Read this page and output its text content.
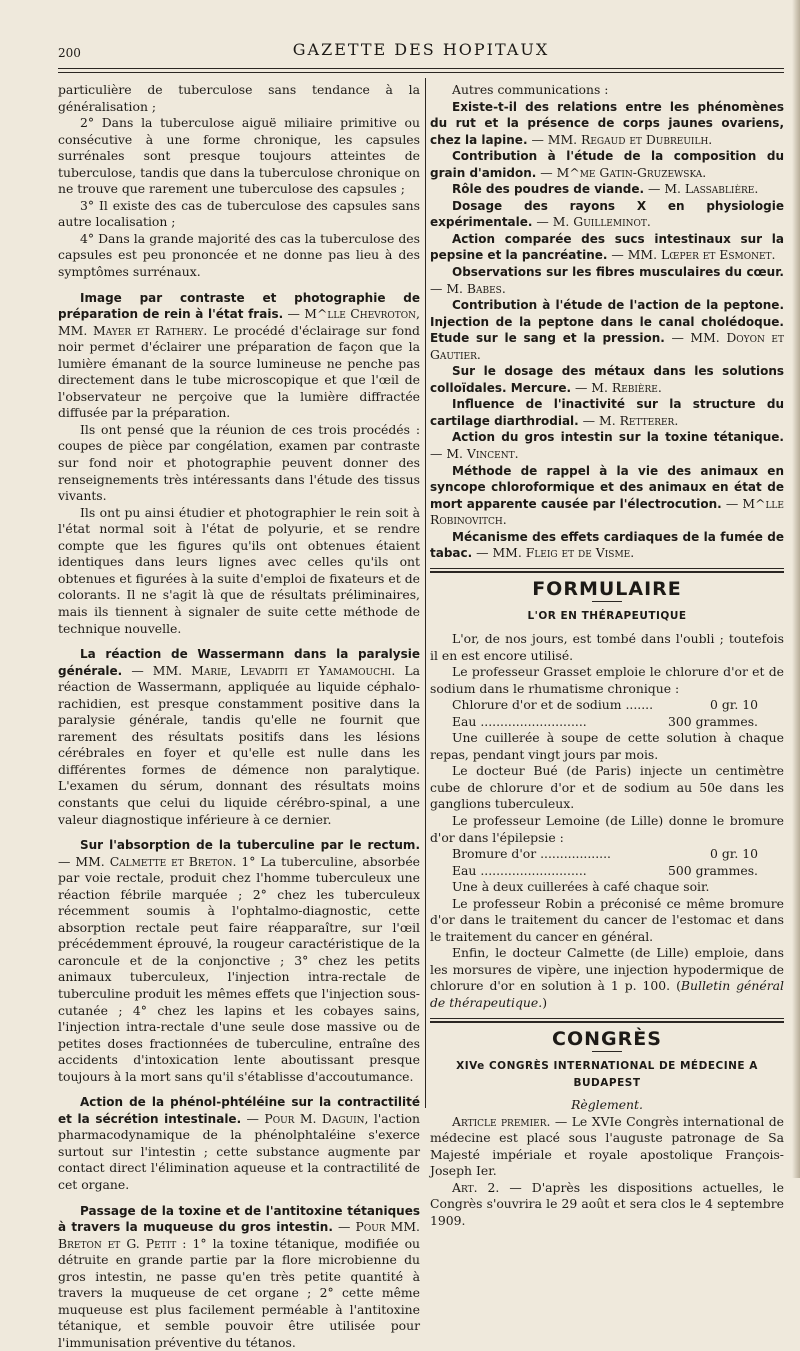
200	GAZETTE DES HOPITAUX

particulière de tuberculose sans tendance à la généralisation ;

2° Dans la tuberculose aiguë miliaire primitive ou consécutive à une forme chronique, les capsules surrénales sont presque toujours atteintes de tuberculose, tandis que dans la tuberculose chronique on ne trouve que rarement une tuberculose des capsules ;

3° Il existe des cas de tuberculose des capsules sans autre localisation ;

4° Dans la grande majorité des cas la tuberculose des capsules est peu prononcée et ne donne pas lieu à des symptômes surrénaux.

Image par contraste et photographie de préparation de rein à l'état frais. — M^lle Chevroton, MM. Mayer et Rathery. Le procédé d'éclairage sur fond noir permet d'éclairer une préparation de façon que la lumière émanant de la source lumineuse ne penche pas directement dans le tube microscopique et que l'œil de l'observateur ne perçoive que la lumière diffractée diffusée par la préparation.

Ils ont pensé que la réunion de ces trois procédés : coupes de pièce par congélation, examen par contraste sur fond noir et photographie peuvent donner des renseignements très intéressants dans l'étude des tissus vivants.

Ils ont pu ainsi étudier et photographier le rein soit à l'état normal soit à l'état de polyurie, et se rendre compte que les figures qu'ils ont obtenues étaient identiques dans leurs lignes avec celles qu'ils ont obtenues et figurées à la suite d'emploi de fixateurs et de colorants. Il ne s'agit là que de résultats préliminaires, mais ils tiennent à signaler de suite cette méthode de technique nouvelle.

La réaction de Wassermann dans la paralysie générale. — MM. Marie, Levaditi et Yamamouchi. La réaction de Wassermann, appliquée au liquide céphalo-rachidien, est presque constamment positive dans la paralysie générale, tandis qu'elle ne fournit que rarement des résultats positifs dans les lésions cérébrales en foyer et qu'elle est nulle dans les différentes formes de démence non paralytique. L'examen du sérum, donnant des résultats moins constants que celui du liquide cérébro-spinal, a une valeur diagnostique inférieure à ce dernier.

Sur l'absorption de la tuberculine par le rectum. — MM. Calmette et Breton. 1° La tuberculine, absorbée par voie rectale, produit chez l'homme tuberculeux une réaction fébrile marquée ; 2° chez les tuberculeux récemment soumis à l'ophtalmo-diagnostic, cette absorption rectale peut faire réapparaître, sur l'œil précédemment éprouvé, la rougeur caractéristique de la caroncule et de la conjonctive ; 3° chez les petits animaux tuberculeux, l'injection intra-rectale de tuberculine produit les mêmes effets que l'injection sous-cutanée ; 4° chez les lapins et les cobayes sains, l'injection intra-rectale d'une seule dose massive ou de petites doses fractionnées de tuberculine, entraîne des accidents d'intoxication lente aboutissant presque toujours à la mort sans qu'il s'établisse d'accoutumance.

Action de la phénol-phtéléine sur la contractilité et la sécrétion intestinale. — Pour M. Daguin, l'action pharmacodynamique de la phénolphtaléine s'exerce surtout sur l'intestin ; cette substance augmente par contact direct l'élimination aqueuse et la contractilité de cet organe.

Passage de la toxine et de l'antitoxine tétaniques à travers la muqueuse du gros intestin. — Pour MM. Breton et G. Petit : 1° la toxine tétanique, modifiée ou détruite en grande partie par la flore microbienne du gros intestin, ne passe qu'en très petite quantité à travers la muqueuse de cet organe ; 2° cette même muqueuse est plus facilement perméable à l'antitoxine tétanique, et semble pouvoir être utilisée pour l'immunisation préventive du tétanos.

Autres communications :

Existe-t-il des relations entre les phénomènes du rut et la présence de corps jaunes ovariens, chez la lapine. — MM. Regaud et Dubreuilh.

Contribution à l'étude de la composition du grain d'amidon. — M^me Gatin-Gruzewska.

Rôle des poudres de viande. — M. Lassablière.

Dosage des rayons X en physiologie expérimentale. — M. Guilleminot.

Action comparée des sucs intestinaux sur la pepsine et la pancréatine. — MM. Lœper et Esmonet.

Observations sur les fibres musculaires du cœur. — M. Babes.

Contribution à l'étude de l'action de la peptone. Injection de la peptone dans le canal cholédoque. Etude sur le sang et la pression. — MM. Doyon et Gautier.

Sur le dosage des métaux dans les solutions colloïdales. Mercure. — M. Rebière.

Influence de l'inactivité sur la structure du cartilage diarthrodial. — M. Retterer.

Action du gros intestin sur la toxine tétanique. — M. Vincent.

Méthode de rappel à la vie des animaux en syncope chloroformique et des animaux en état de mort apparente causée par l'électrocution. — M^lle Robinovitch.

Mécanisme des effets cardiaques de la fumée de tabac. — MM. Fleig et de Visme.

FORMULAIRE
L'OR EN THÉRAPEUTIQUE

L'or, de nos jours, est tombé dans l'oubli ; toutefois il en est encore utilisé.

Le professeur Grasset emploie le chlorure d'or et de sodium dans le rhumatisme chronique :

Chlorure d'or et de sodium .......	0 gr. 10
Eau ...........................	300 grammes.

Une cuillerée à soupe de cette solution à chaque repas, pendant vingt jours par mois.

Le docteur Bué (de Paris) injecte un centimètre cube de chlorure d'or et de sodium au 50e dans les ganglions tuberculeux.

Le professeur Lemoine (de Lille) donne le bromure d'or dans l'épilepsie :

Bromure d'or ..................	0 gr. 10
Eau ...........................	500 grammes.

Une à deux cuillerées à café chaque soir.

Le professeur Robin a préconisé ce même bromure d'or dans le traitement du cancer de l'estomac et dans le traitement du cancer en général.

Enfin, le docteur Calmette (de Lille) emploie, dans les morsures de vipère, une injection hypodermique de chlorure d'or en solution à 1 p. 100. (Bulletin général de thérapeutique.)

CONGRÈS
XIVe CONGRÈS INTERNATIONAL DE MÉDECINE A BUDAPEST

Règlement.

Article premier. — Le XVIe Congrès international de médecine est placé sous l'auguste patronage de Sa Majesté impériale et royale apostolique François-Joseph Ier.

Art. 2. — D'après les dispositions actuelles, le Congrès s'ouvrira le 29 août et sera clos le 4 septembre 1909.
